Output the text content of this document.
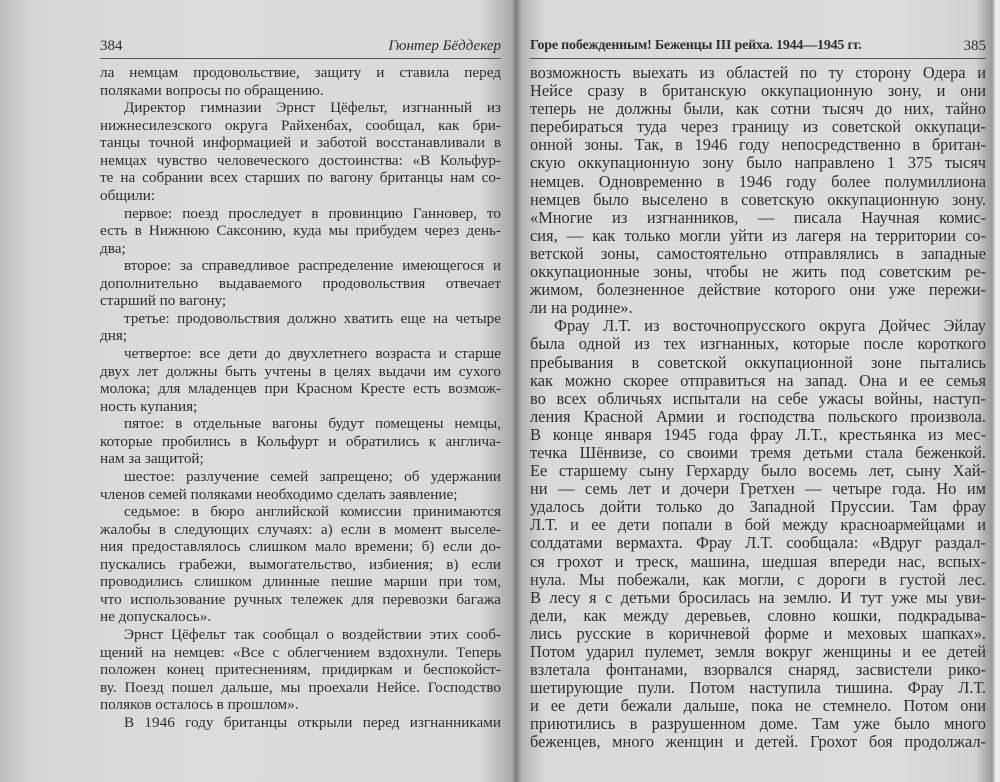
384	Гюнтер Бёддекер
ла немцам продовольствие, защиту и ставила перед
поляками вопросы по обращению.
Директор гимназии Эрнст Цёфельт, изгнанный из
нижнесилезского округа Райхенбах, сообщал, как бри-
танцы точной информацией и заботой восстанавливали в
немцах чувство человеческого достоинства: «В Кольфур-
те на собрании всех старших по вагону британцы нам со-
общили:
первое: поезд проследует в провинцию Ганновер, то
есть в Нижнюю Саксонию, куда мы прибудем через день-
два;
второе: за справедливое распределение имеющегося и
дополнительно выдаваемого продовольствия отвечает
старший по вагону;
третье: продовольствия должно хватить еще на четыре
дня;
четвертое: все дети до двухлетнего возраста и старше
двух лет должны быть учтены в целях выдачи им сухого
молока; для младенцев при Красном Кресте есть возмож-
ность купания;
пятое: в отдельные вагоны будут помещены немцы,
которые пробились в Кольфурт и обратились к англича-
нам за защитой;
шестое: разлучение семей запрещено; об удержании
членов семей поляками необходимо сделать заявление;
седьмое: в бюро английской комиссии принимаются
жалобы в следующих случаях: а) если в момент выселе-
ния предоставлялось слишком мало времени; б) если до-
пускались грабежи, вымогательство, избиения; в) если
проводились слишком длинные пешие марши при том,
что использование ручных тележек для перевозки багажа
не допускалось».
Эрнст Цёфельт так сообщал о воздействии этих сооб-
щений на немцев: «Все с облегчением вздохнули. Теперь
положен конец притеснениям, придиркам и беспокойст-
ву. Поезд пошел дальше, мы проехали Нейсе. Господство
поляков осталось в прошлом».
В 1946 году британцы открыли перед изгнанниками
Горе побежденным! Беженцы III рейха. 1944—1945 гг.	385
возможность выехать из областей по ту сторону Одера и
Нейсе сразу в британскую оккупационную зону, и они
теперь не должны были, как сотни тысяч до них, тайно
перебираться туда через границу из советской оккупаци-
онной зоны. Так, в 1946 году непосредственно в британ-
скую оккупационную зону было направлено 1 375 тысяч
немцев. Одновременно в 1946 году более полумиллиона
немцев было выселено в советскую оккупационную зону.
«Многие из изгнанников, — писала Научная комис-
сия, — как только могли уйти из лагеря на территории со-
ветской зоны, самостоятельно отправлялись в западные
оккупационные зоны, чтобы не жить под советским ре-
жимом, болезненное действие которого они уже пережи-
ли на родине».
Фрау Л.Т. из восточнопрусского округа Дойчес Эйлау
была одной из тех изгнанных, которые после короткого
пребывания в советской оккупационной зоне пытались
как можно скорее отправиться на запад. Она и ее семья
во всех обличьях испытали на себе ужасы войны, наступ-
ления Красной Армии и господства польского произвола.
В конце января 1945 года фрау Л.Т., крестьянка из мес-
течка Шёнвизе, со своими тремя детьми стала беженкой.
Ее старшему сыну Герхарду было восемь лет, сыну Хай-
ни — семь лет и дочери Гретхен — четыре года. Но им
удалось дойти только до Западной Пруссии. Там фрау
Л.Т. и ее дети попали в бой между красноармейцами и
солдатами вермахта. Фрау Л.Т. сообщала: «Вдруг раздал-
ся грохот и треск, машина, шедшая впереди нас, вспых-
нула. Мы побежали, как могли, с дороги в густой лес.
В лесу я с детьми бросилась на землю. И тут уже мы уви-
дели, как между деревьев, словно кошки, подкрадыва-
лись русские в коричневой форме и меховых шапках».
Потом ударил пулемет, земля вокруг женщины и ее детей
взлетала фонтанами, взорвался снаряд, засвистели рико-
шетирующие пули. Потом наступила тишина. Фрау Л.Т.
и ее дети бежали дальше, пока не стемнело. Потом они
приютились в разрушенном доме. Там уже было много
беженцев, много женщин и детей. Грохот боя продолжал-
